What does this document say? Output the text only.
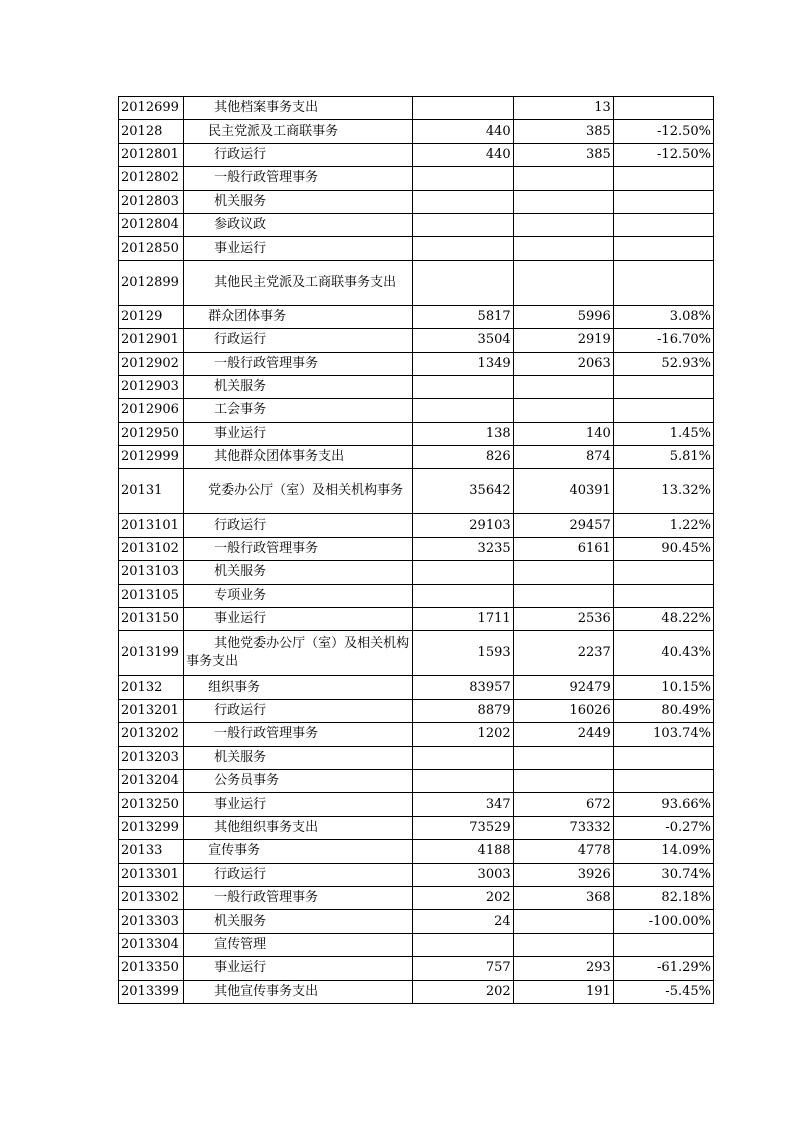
2012699	其他档案事务支出		13	
20128	民主党派及工商联事务	440	385	-12.50%
2012801	行政运行	440	385	-12.50%
2012802	一般行政管理事务			
2012803	机关服务			
2012804	参政议政			
2012850	事业运行			
2012899	其他民主党派及工商联事务支出			
20129	群众团体事务	5817	5996	3.08%
2012901	行政运行	3504	2919	-16.70%
2012902	一般行政管理事务	1349	2063	52.93%
2012903	机关服务			
2012906	工会事务			
2012950	事业运行	138	140	1.45%
2012999	其他群众团体事务支出	826	874	5.81%
20131	党委办公厅（室）及相关机构事务	35642	40391	13.32%
2013101	行政运行	29103	29457	1.22%
2013102	一般行政管理事务	3235	6161	90.45%
2013103	机关服务			
2013105	专项业务			
2013150	事业运行	1711	2536	48.22%
2013199	其他党委办公厅（室）及相关机构事务支出	1593	2237	40.43%
20132	组织事务	83957	92479	10.15%
2013201	行政运行	8879	16026	80.49%
2013202	一般行政管理事务	1202	2449	103.74%
2013203	机关服务			
2013204	公务员事务			
2013250	事业运行	347	672	93.66%
2013299	其他组织事务支出	73529	73332	-0.27%
20133	宣传事务	4188	4778	14.09%
2013301	行政运行	3003	3926	30.74%
2013302	一般行政管理事务	202	368	82.18%
2013303	机关服务	24		-100.00%
2013304	宣传管理			
2013350	事业运行	757	293	-61.29%
2013399	其他宣传事务支出	202	191	-5.45%
